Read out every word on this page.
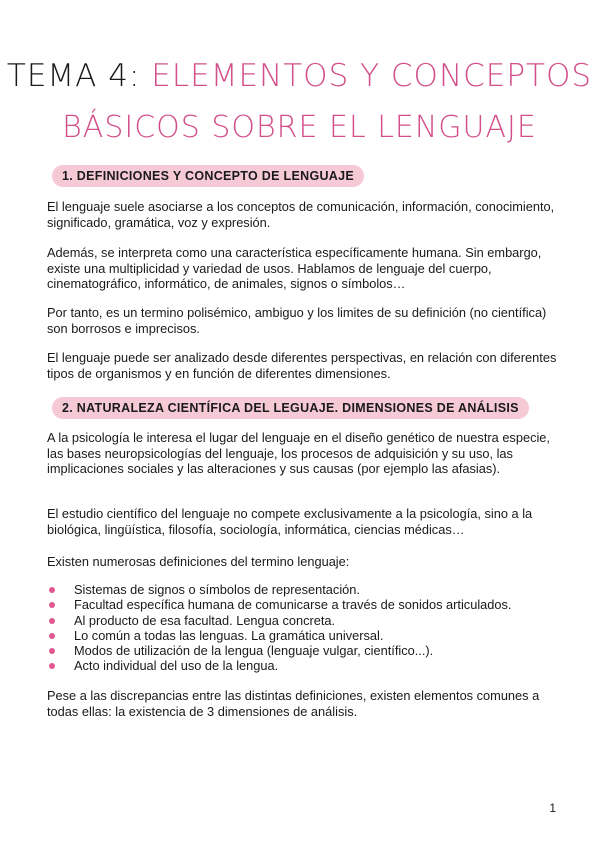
TEMA 4: ELEMENTOS Y CONCEPTOS
BÁSICOS SOBRE EL LENGUAJE
1. DEFINICIONES Y CONCEPTO DE LENGUAJE

El lenguaje suele asociarse a los conceptos de comunicación, información, conocimiento, significado, gramática, voz y expresión.

Además, se interpreta como una característica específicamente humana. Sin embargo, existe una multiplicidad y variedad de usos. Hablamos de lenguaje del cuerpo, cinematográfico, informático, de animales, signos o símbolos…

Por tanto, es un termino polisémico, ambiguo y los limites de su definición (no científica) son borrosos e imprecisos.

El lenguaje puede ser analizado desde diferentes perspectivas, en relación con diferentes tipos de organismos y en función de diferentes dimensiones.

2. NATURALEZA CIENTÍFICA DEL LEGUAJE. DIMENSIONES DE ANÁLISIS

A la psicología le interesa el lugar del lenguaje en el diseño genético de nuestra especie, las bases neuropsicologías del lenguaje, los procesos de adquisición y su uso, las implicaciones sociales y las alteraciones y sus causas (por ejemplo las afasias).

El estudio científico del lenguaje no compete exclusivamente a la psicología, sino a la biológica, lingüística, filosofía, sociología, informática, ciencias médicas…

Existen numerosas definiciones del termino lenguaje:

Sistemas de signos o símbolos de representación.
Facultad específica humana de comunicarse a través de sonidos articulados.
Al producto de esa facultad. Lengua concreta.
Lo común a todas las lenguas. La gramática universal.
Modos de utilización de la lengua (lenguaje vulgar, científico...).
Acto individual del uso de la lengua.

Pese a las discrepancias entre las distintas definiciones, existen elementos comunes a todas ellas: la existencia de 3 dimensiones de análisis.

1
